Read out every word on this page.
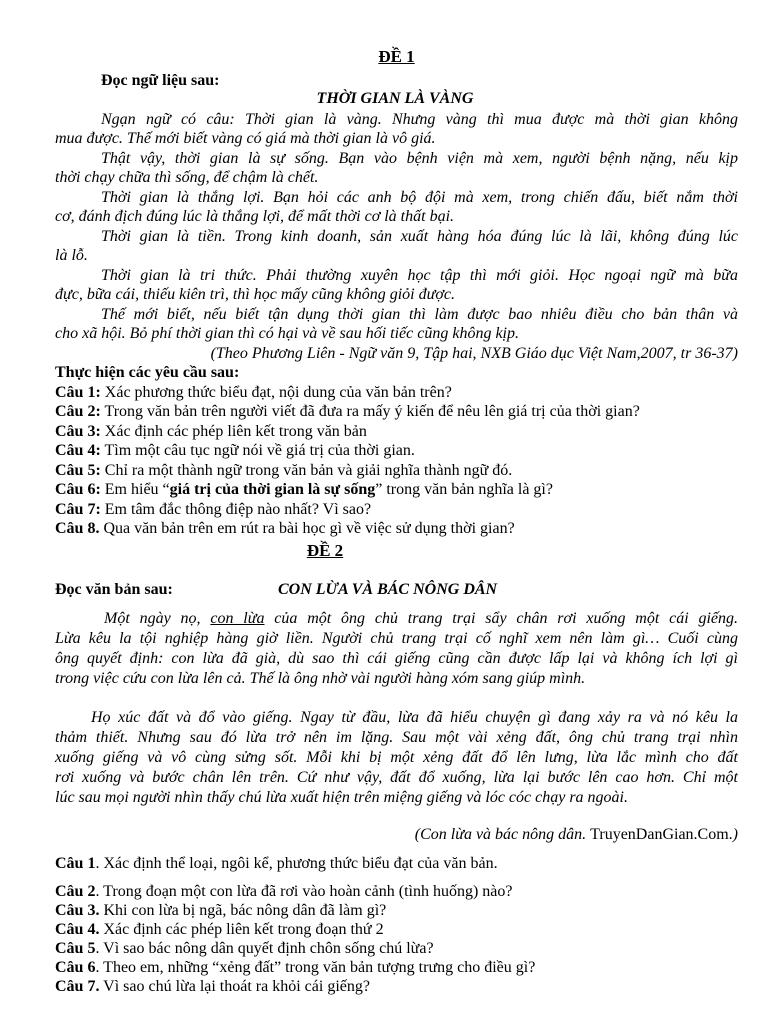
ĐỀ 1
Đọc ngữ liệu sau:
THỜI GIAN LÀ VÀNG
Ngạn ngữ có câu: Thời gian là vàng. Nhưng vàng thì mua được mà thời gian không
mua được. Thế mới biết vàng có giá mà thời gian là vô giá.
Thật vậy, thời gian là sự sống. Bạn vào bệnh viện mà xem, người bệnh nặng, nếu kịp
thời chạy chữa thì sống, để chậm là chết.
Thời gian là thắng lợi. Bạn hỏi các anh bộ đội mà xem, trong chiến đấu, biết nắm thời
cơ, đánh địch đúng lúc là thắng lợi, để mất thời cơ là thất bại.
Thời gian là tiền. Trong kinh doanh, sản xuất hàng hóa đúng lúc là lãi, không đúng lúc
là lỗ.
Thời gian là tri thức. Phải thường xuyên học tập thì mới giỏi. Học ngoại ngữ mà bữa
đực, bữa cái, thiếu kiên trì, thì học mấy cũng không giỏi được.
Thế mới biết, nếu biết tận dụng thời gian thì làm được bao nhiêu điều cho bản thân và
cho xã hội. Bỏ phí thời gian thì có hại và về sau hối tiếc cũng không kịp.
(Theo Phương Liên - Ngữ văn 9, Tập hai, NXB Giáo dục Việt Nam,2007, tr 36-37)
Thực hiện các yêu cầu sau:
Câu 1: Xác phương thức biểu đạt, nội dung của văn bản trên?
Câu 2: Trong văn bản trên người viết đã đưa ra mấy ý kiến để nêu lên giá trị của thời gian?
Câu 3: Xác định các phép liên kết trong văn bản
Câu 4: Tìm một câu tục ngữ nói về giá trị của thời gian.
Câu 5: Chỉ ra một thành ngữ trong văn bản và giải nghĩa thành ngữ đó.
Câu 6: Em hiểu “giá trị của thời gian là sự sống” trong văn bản nghĩa là gì?
Câu 7: Em tâm đắc thông điệp nào nhất? Vì sao?
Câu 8. Qua văn bản trên em rút ra bài học gì về việc sử dụng thời gian?
ĐỀ 2
Đọc văn bản sau:	CON LỪA VÀ BÁC NÔNG DÂN
Một ngày nọ, con lừa của một ông chủ trang trại sẩy chân rơi xuống một cái giếng.
Lừa kêu la tội nghiệp hàng giờ liền. Người chủ trang trại cố nghĩ xem nên làm gì… Cuối cùng
ông quyết định: con lừa đã già, dù sao thì cái giếng cũng cần được lấp lại và không ích lợi gì
trong việc cứu con lừa lên cả. Thế là ông nhờ vài người hàng xóm sang giúp mình.
Họ xúc đất và đổ vào giếng. Ngay từ đầu, lừa đã hiểu chuyện gì đang xảy ra và nó kêu la
thảm thiết. Nhưng sau đó lừa trở nên im lặng. Sau một vài xẻng đất, ông chủ trang trại nhìn
xuống giếng và vô cùng sửng sốt. Mỗi khi bị một xẻng đất đổ lên lưng, lừa lắc mình cho đất
rơi xuống và bước chân lên trên. Cứ như vậy, đất đổ xuống, lừa lại bước lên cao hơn. Chỉ một
lúc sau mọi người nhìn thấy chú lừa xuất hiện trên miệng giếng và lóc cóc chạy ra ngoài.
(Con lừa và bác nông dân. TruyenDanGian.Com.)
Câu 1. Xác định thể loại, ngôi kể, phương thức biểu đạt của văn bản.
Câu 2. Trong đoạn một con lừa đã rơi vào hoàn cảnh (tình huống) nào?
Câu 3. Khi con lừa bị ngã, bác nông dân đã làm gì?
Câu 4. Xác định các phép liên kết trong đoạn thứ 2
Câu 5. Vì sao bác nông dân quyết định chôn sống chú lừa?
Câu 6. Theo em, những “xẻng đất” trong văn bản tượng trưng cho điều gì?
Câu 7. Vì sao chú lừa lại thoát ra khỏi cái giếng?
